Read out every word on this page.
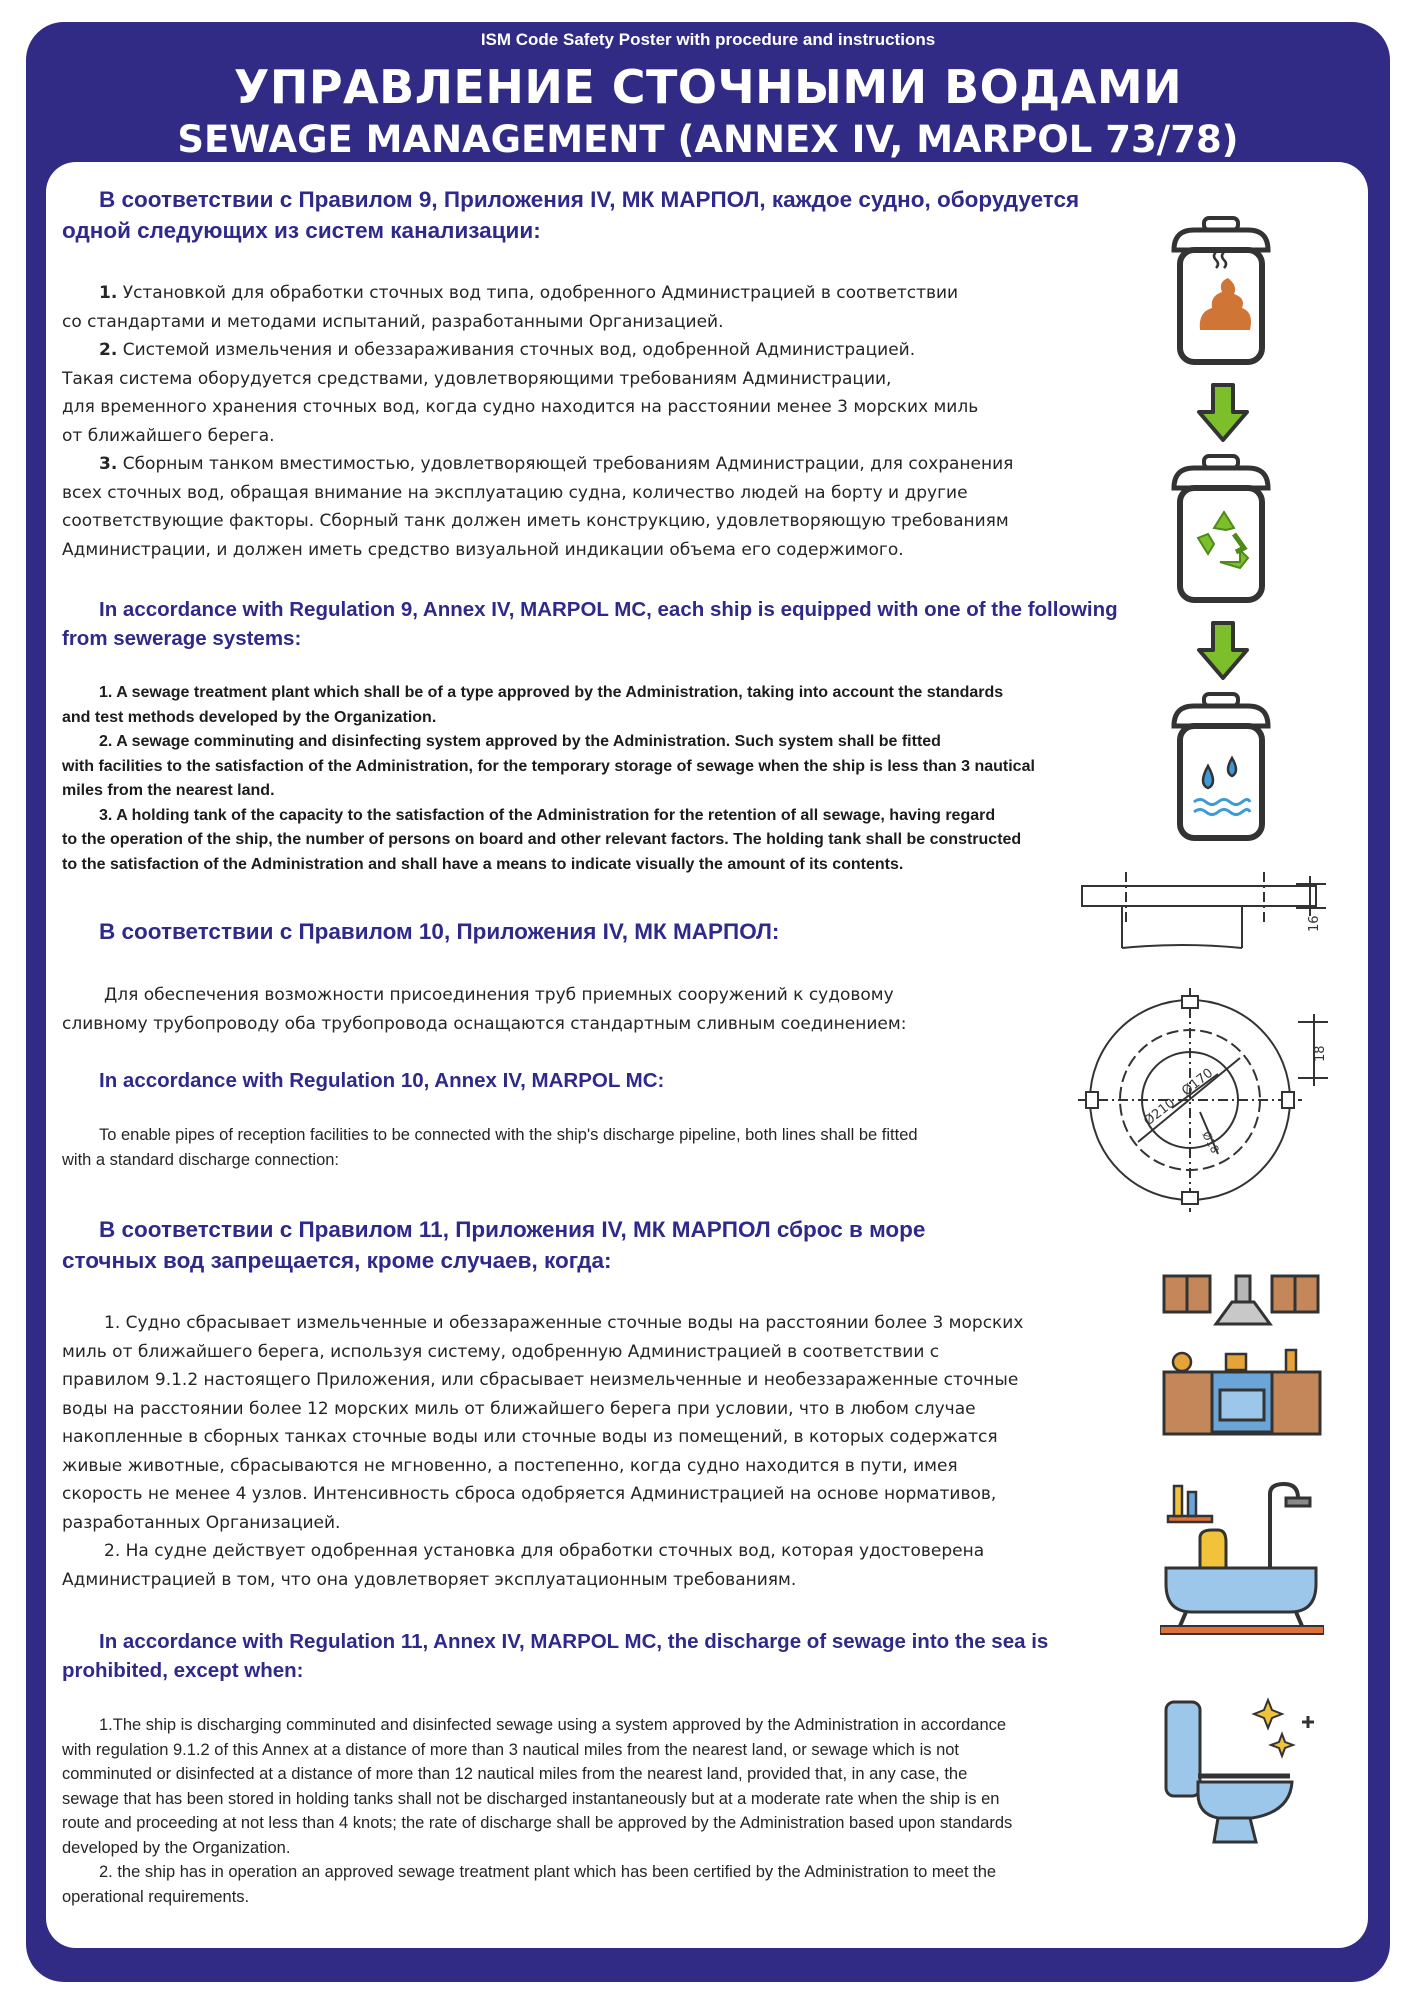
ISM Code Safety Poster with procedure and instructions
УПРАВЛЕНИЕ СТОЧНЫМИ ВОДАМИ
SEWAGE MANAGEMENT (ANNEX IV, MARPOL 73/78)
В соответствии с Правилом 9, Приложения IV, МК МАРПОЛ, каждое судно, оборудуется
одной следующих из систем канализации:
1. Установкой для обработки сточных вод типа, одобренного Администрацией в соответствии
со стандартами и методами испытаний, разработанными Организацией.
2. Системой измельчения и обеззараживания сточных вод, одобренной Администрацией.
Такая система оборудуется средствами, удовлетворяющими требованиям Администрации,
для временного хранения сточных вод, когда судно находится на расстоянии менее 3 морских миль
от ближайшего берега.
3. Сборным танком вместимостью, удовлетворяющей требованиям Администрации, для сохранения
всех сточных вод, обращая внимание на эксплуатацию судна, количество людей на борту и другие
соответствующие факторы. Сборный танк должен иметь конструкцию, удовлетворяющую требованиям
Администрации, и должен иметь средство визуальной индикации объема его содержимого.
In accordance with Regulation 9, Annex IV, MARPOL MC, each ship is equipped with one of the following
from sewerage systems:
1. A sewage treatment plant which shall be of a type approved by the Administration, taking into account the standards
and test methods developed by the Organization.
2. A sewage comminuting and disinfecting system approved by the Administration. Such system shall be fitted
with facilities to the satisfaction of the Administration, for the temporary storage of sewage when the ship is less than 3 nautical
miles from the nearest land.
3. A holding tank of the capacity to the satisfaction of the Administration for the retention of all sewage, having regard
to the operation of the ship, the number of persons on board and other relevant factors. The holding tank shall be constructed
to the satisfaction of the Administration and shall have a means to indicate visually the amount of its contents.
В соответствии с Правилом 10, Приложения IV, МК МАРПОЛ:
Для обеспечения возможности присоединения труб приемных сооружений к судовому
сливному трубопроводу оба трубопровода оснащаются стандартным сливным соединением:
In accordance with Regulation 10, Annex IV, MARPOL MC:
To enable pipes of reception facilities to be connected with the ship's discharge pipeline, both lines shall be fitted
with a standard discharge connection:
В соответствии с Правилом 11, Приложения IV, МК МАРПОЛ сброс в море
сточных вод запрещается, кроме случаев, когда:
1. Судно сбрасывает измельченные и обеззараженные сточные воды на расстоянии более 3 морских
миль от ближайшего берега, используя систему, одобренную Администрацией в соответствии с
правилом 9.1.2 настоящего Приложения, или сбрасывает неизмельченные и необеззараженные сточные
воды на расстоянии более 12 морских миль от ближайшего берега при условии, что в любом случае
накопленные в сборных танках сточные воды или сточные воды из помещений, в которых содержатся
живые животные, сбрасываются не мгновенно, а постепенно, когда судно находится в пути, имея
скорость не менее 4 узлов. Интенсивность сброса одобряется Администрацией на основе нормативов,
разработанных Организацией.
2. На судне действует одобренная установка для обработки сточных вод, которая удостоверена
Администрацией в том, что она удовлетворяет эксплуатационным требованиям.
In accordance with Regulation 11, Annex IV, MARPOL MC, the discharge of sewage into the sea is
prohibited, except when:
1.The ship is discharging comminuted and disinfected sewage using a system approved by the Administration in accordance
with regulation 9.1.2 of this Annex at a distance of more than 3 nautical miles from the nearest land, or sewage which is not
comminuted or disinfected at a distance of more than 12 nautical miles from the nearest land, provided that, in any case, the
sewage that has been stored in holding tanks shall not be discharged instantaneously but at a moderate rate when the ship is en
route and proceeding at not less than 4 knots; the rate of discharge shall be approved by the Administration based upon standards
developed by the Organization.
2. the ship has in operation an approved sewage treatment plant which has been certified by the Administration to meet the
operational requirements.
16
Ø210
Ø170
Ø18
18
